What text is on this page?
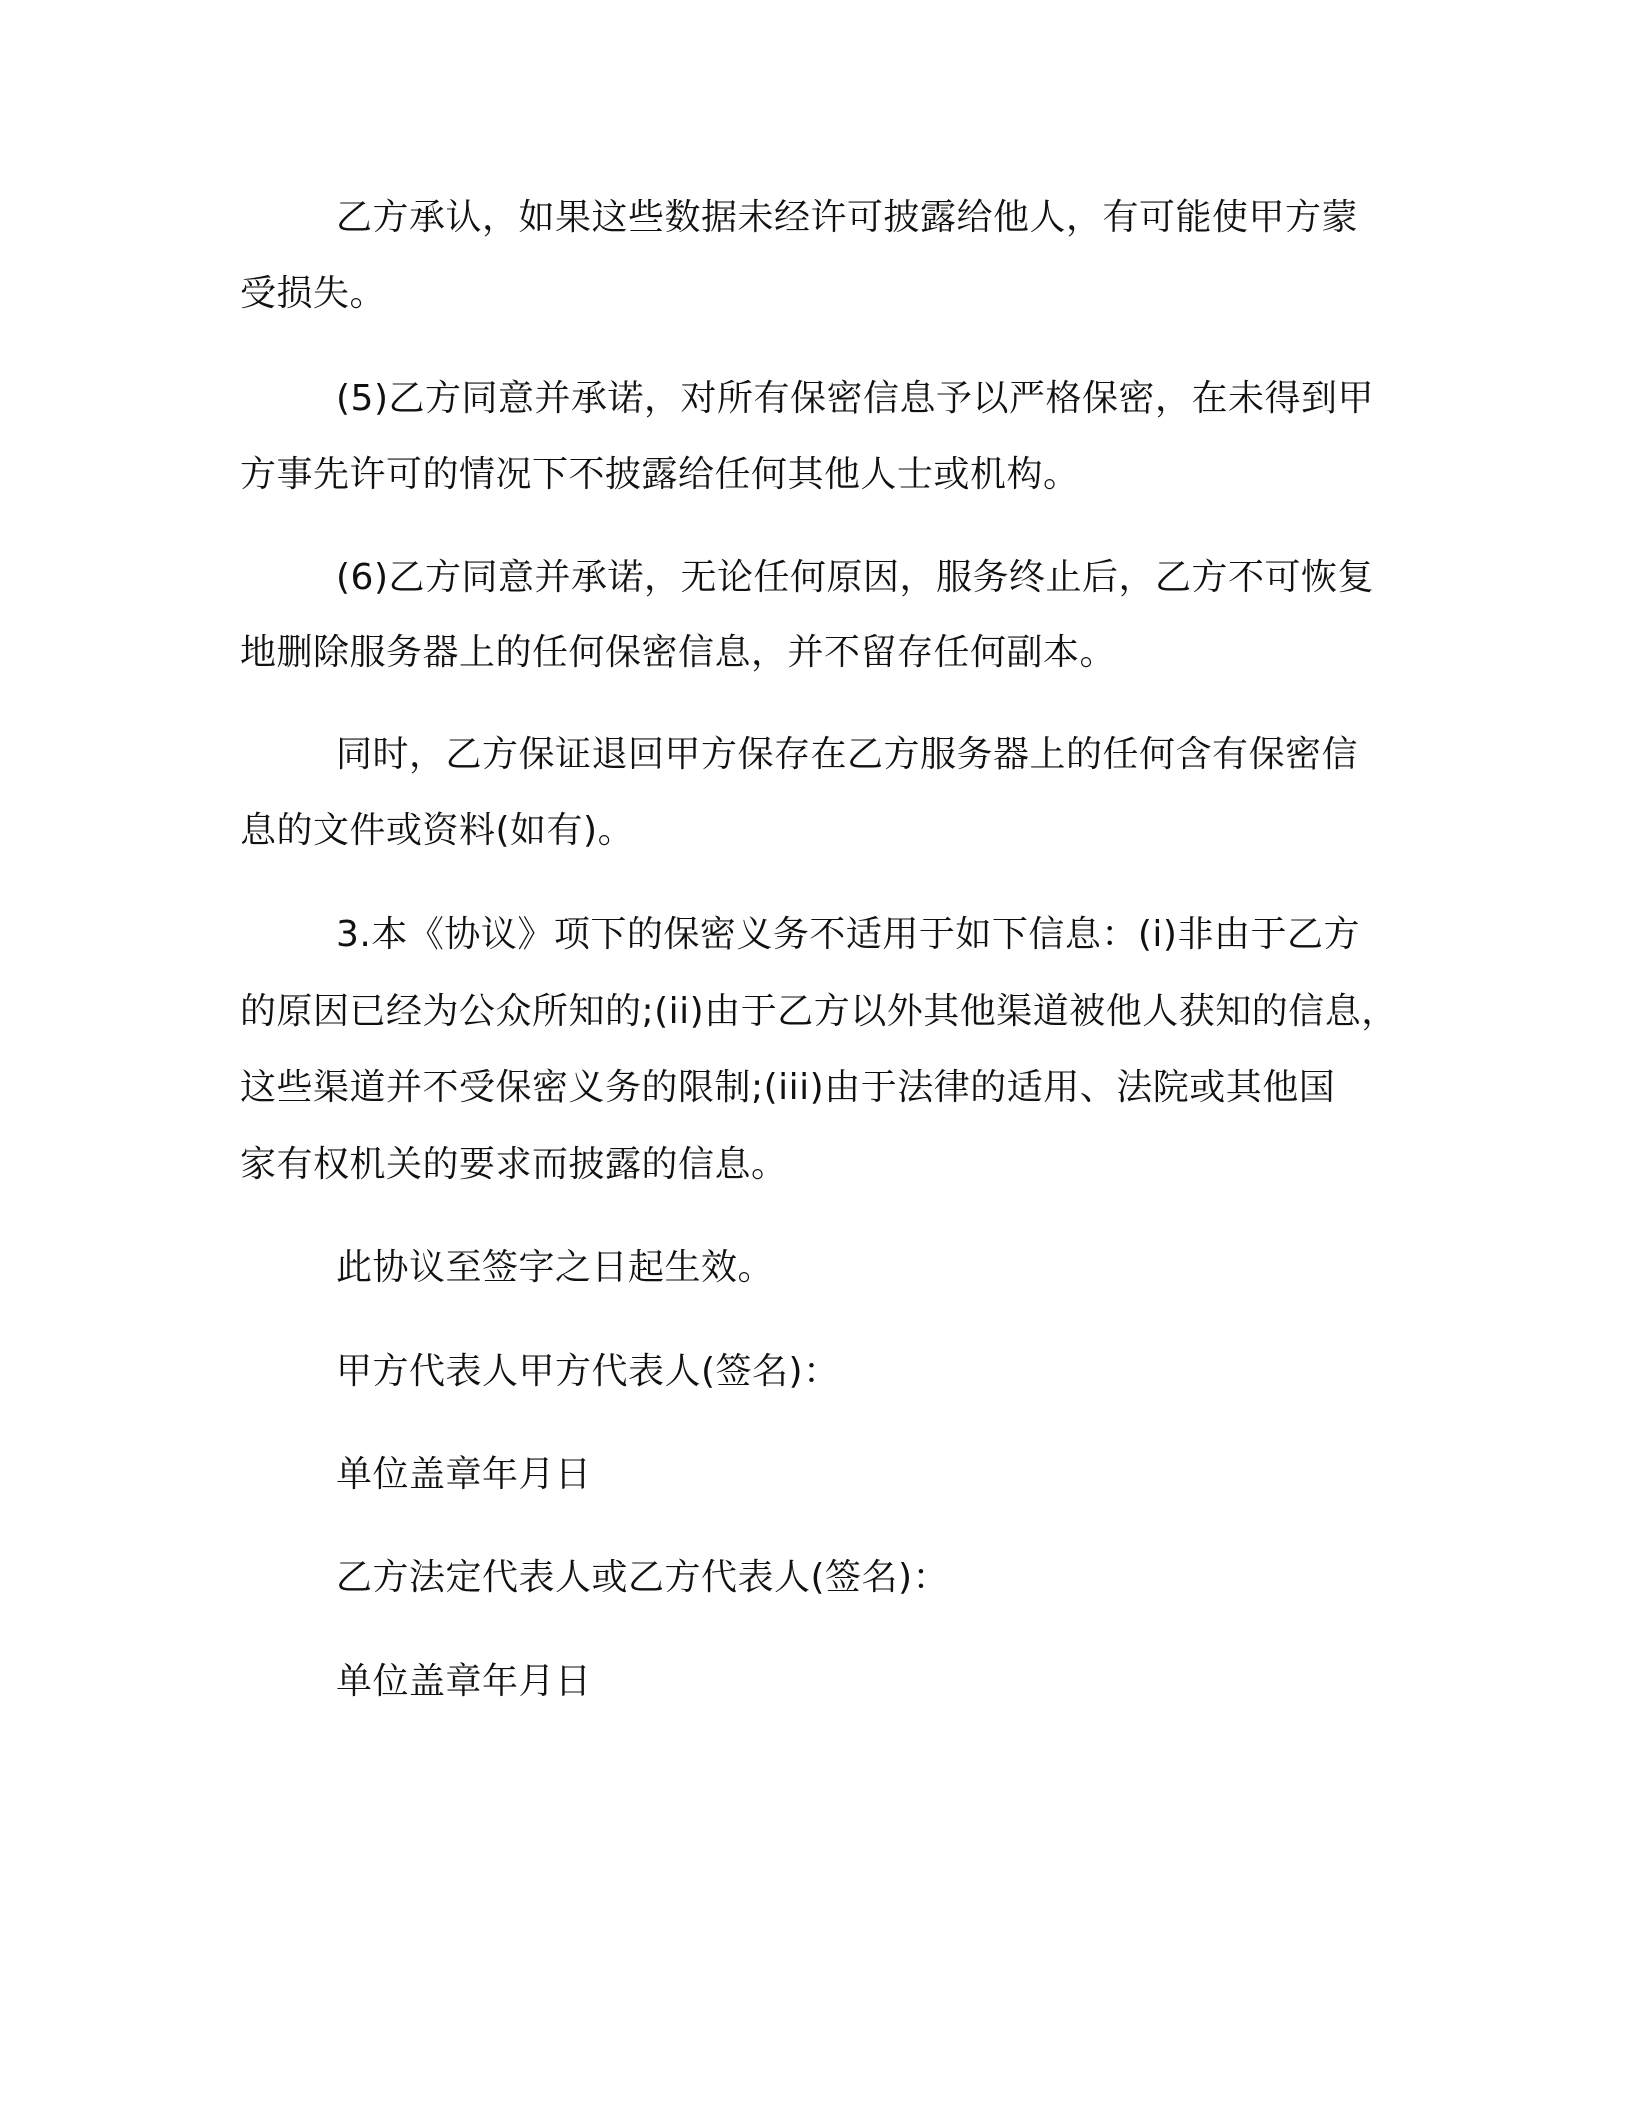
乙方承认，如果这些数据未经许可披露给他人，有可能使甲方蒙

受损失。

(5)乙方同意并承诺，对所有保密信息予以严格保密，在未得到甲

方事先许可的情况下不披露给任何其他人士或机构。

(6)乙方同意并承诺，无论任何原因，服务终止后，乙方不可恢复

地删除服务器上的任何保密信息，并不留存任何副本。

同时，乙方保证退回甲方保存在乙方服务器上的任何含有保密信

息的文件或资料(如有)。

3.本《协议》项下的保密义务不适用于如下信息：(i)非由于乙方

的原因已经为公众所知的;(ii)由于乙方以外其他渠道被他人获知的信息，

这些渠道并不受保密义务的限制;(iii)由于法律的适用、法院或其他国

家有权机关的要求而披露的信息。

此协议至签字之日起生效。

甲方代表人甲方代表人(签名)：

单位盖章年月日

乙方法定代表人或乙方代表人(签名)：

单位盖章年月日
